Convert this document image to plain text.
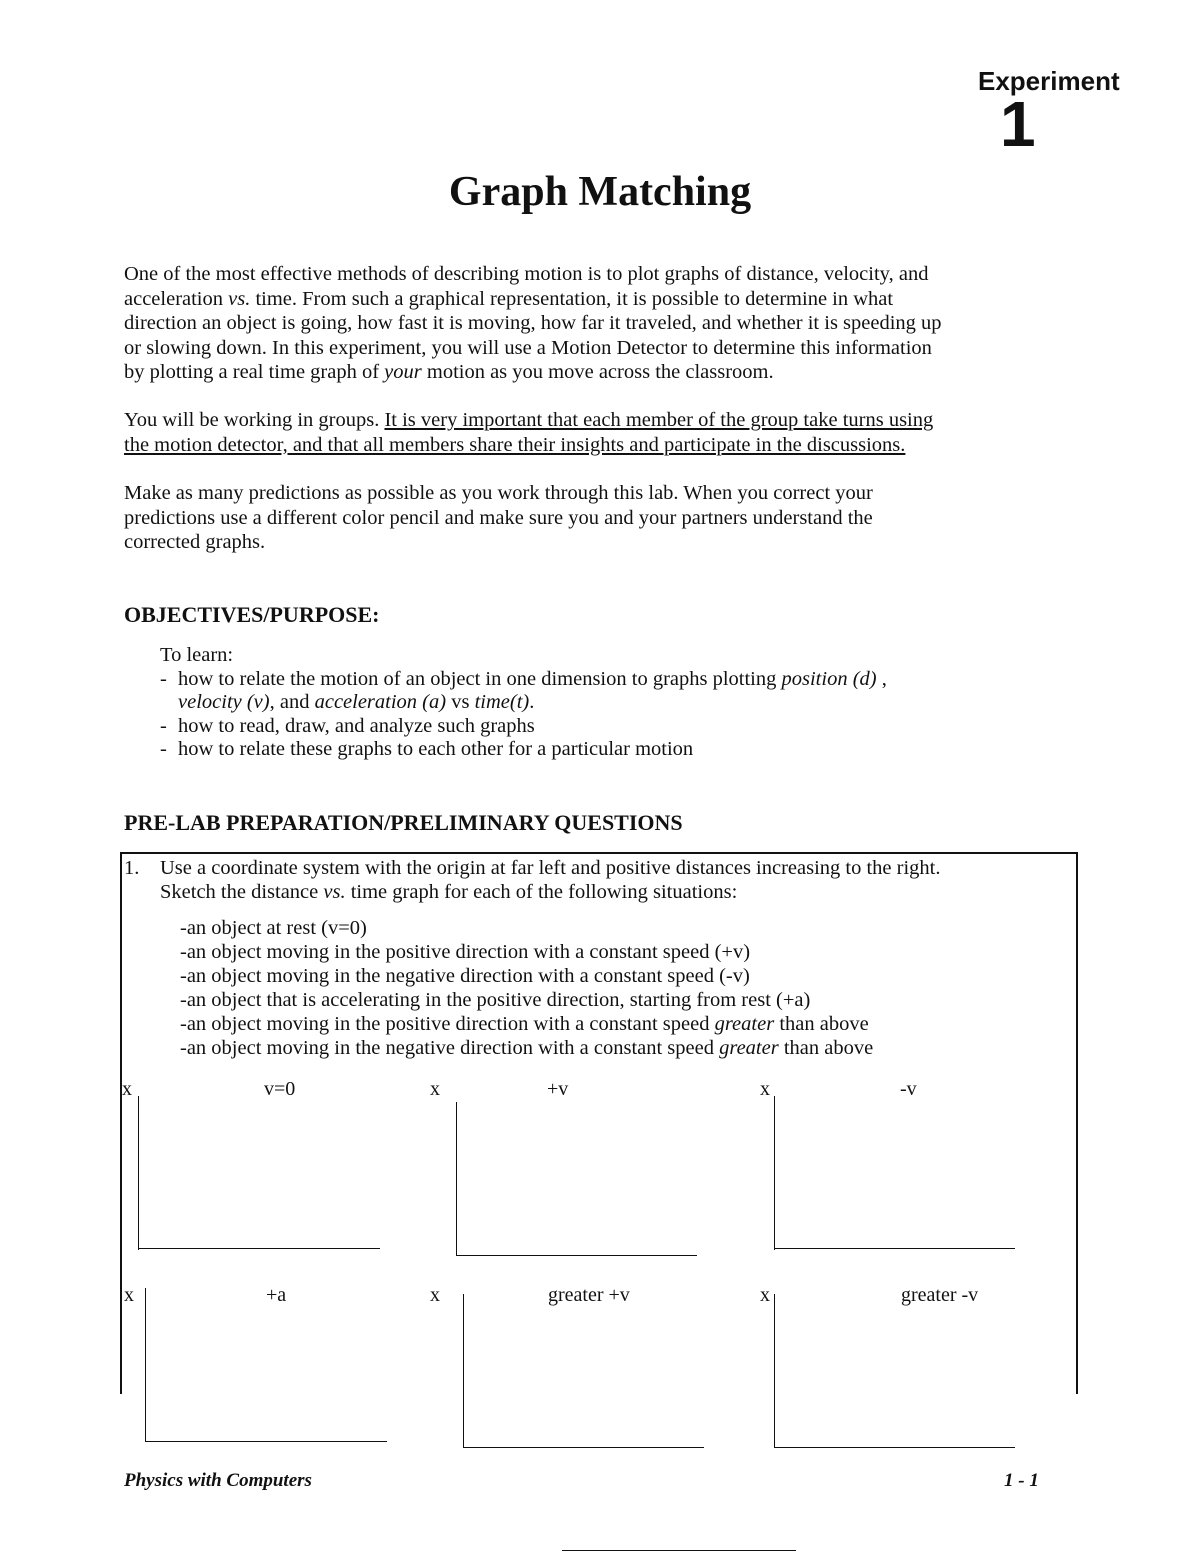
Experiment
1
Graph Matching

One of the most effective methods of describing motion is to plot graphs of distance, velocity, and

acceleration vs. time. From such a graphical representation, it is possible to determine in what

direction an object is going, how fast it is moving, how far it traveled, and whether it is speeding up

or slowing down. In this experiment, you will use a Motion Detector to determine this information

by plotting a real time graph of your motion as you move across the classroom.

You will be working in groups. It is very important that each member of the group take turns using

the motion detector, and that all members share their insights and participate in the discussions.

Make as many predictions as possible as you work through this lab. When you correct your

predictions use a different color pencil and make sure you and your partners understand the

corrected graphs.

OBJECTIVES/PURPOSE:
To learn:
- how to relate the motion of an object in one dimension to graphs plotting position (d) ,
velocity (v), and acceleration (a) vs time(t).
- how to read, draw, and analyze such graphs
- how to relate these graphs to each other for a particular motion
PRE-LAB PREPARATION/PRELIMINARY QUESTIONS
1. Use a coordinate system with the origin at far left and positive distances increasing to the right.
Sketch the distance vs. time graph for each of the following situations:
-an object at rest (v=0)
-an object moving in the positive direction with a constant speed (+v)
-an object moving in the negative direction with a constant speed (-v)
-an object that is accelerating in the positive direction, starting from rest (+a)
-an object moving in the positive direction with a constant speed greater than above
-an object moving in the negative direction with a constant speed greater than above
x	v=0	x	+v	x	-v
x	+a	x	greater +v	x	greater -v
Physics with Computers	1 - 1
